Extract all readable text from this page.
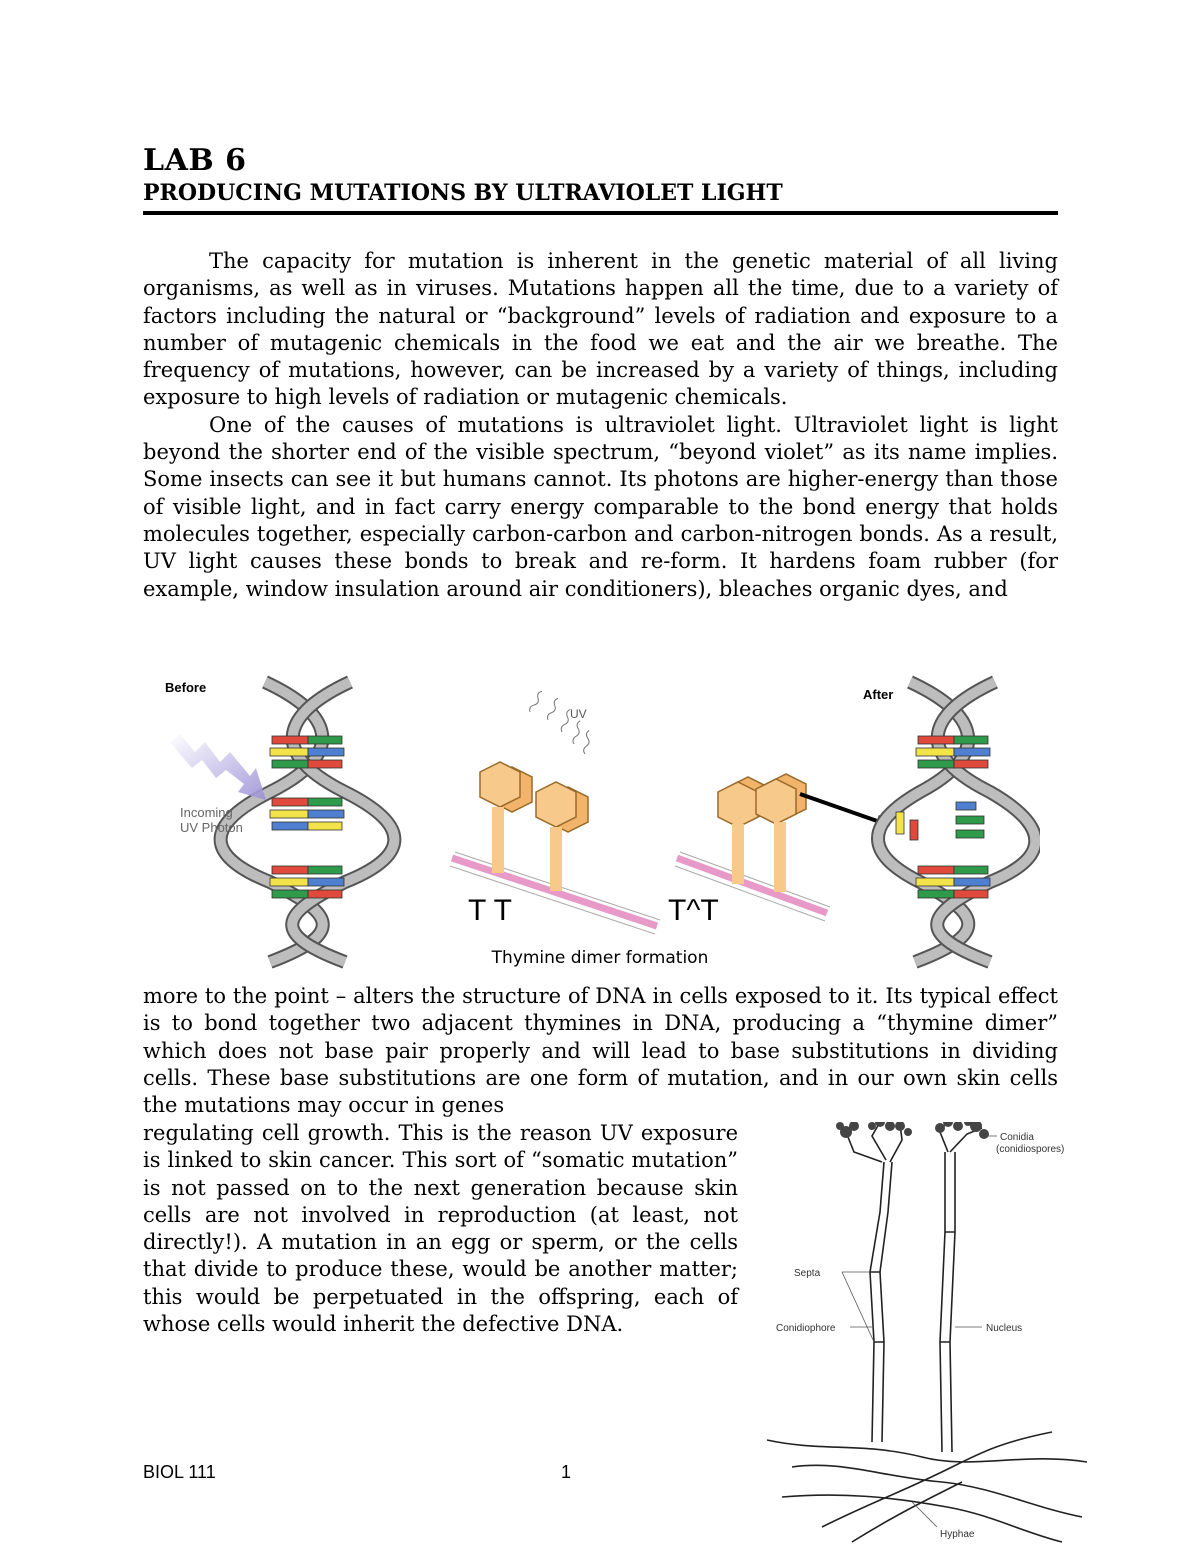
LAB 6
PRODUCING MUTATIONS BY ULTRAVIOLET LIGHT

The capacity for mutation is inherent in the genetic material of all living organisms, as well as in viruses. Mutations happen all the time, due to a variety of factors including the natural or “background” levels of radiation and exposure to a number of mutagenic chemicals in the food we eat and the air we breathe. The frequency of mutations, however, can be increased by a variety of things, including exposure to high levels of radiation or mutagenic chemicals.

One of the causes of mutations is ultraviolet light. Ultraviolet light is light beyond the shorter end of the visible spectrum, “beyond violet” as its name implies. Some insects can see it but humans cannot. Its photons are higher-energy than those of visible light, and in fact carry energy comparable to the bond energy that holds molecules together, especially carbon-carbon and carbon-nitrogen bonds. As a result, UV light causes these bonds to break and re-form. It hardens foam rubber (for example, window insulation around air conditioners), bleaches organic dyes, and

Before
Incoming
UV Photon
UV
T T	T^T
After
Thymine dimer formation

more to the point – alters the structure of DNA in cells exposed to it. Its typical effect is to bond together two adjacent thymines in DNA, producing a “thymine dimer” which does not base pair properly and will lead to base substitutions in dividing cells. These base substitutions are one form of mutation, and in our own skin cells the mutations may occur in genes

regulating cell growth. This is the reason UV exposure is linked to skin cancer. This sort of “somatic mutation” is not passed on to the next generation because skin cells are not involved in reproduction (at least, not directly!). A mutation in an egg or sperm, or the cells that divide to produce these, would be another matter; this would be perpetuated in the offspring, each of whose cells would inherit the defective DNA.

Conidia
(conidiospores)
Septa
Conidiophore	Nucleus
Hyphae
BIOL 111	1
